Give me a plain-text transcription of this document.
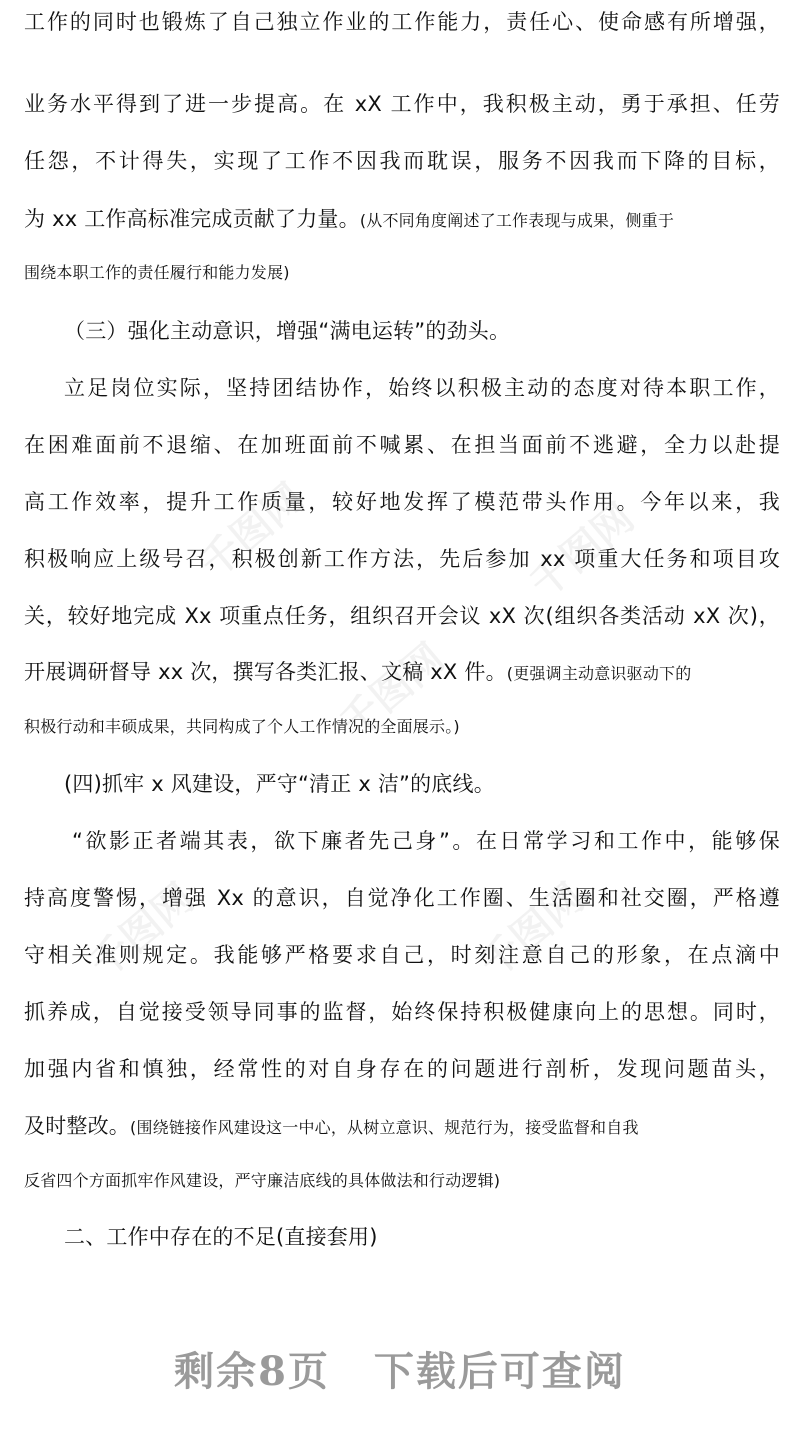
千图网	千图网
千图网
千图网	千图网
工作的同时也锻炼了自己独立作业的工作能力，责任心、使命感有所增强，
业务水平得到了进一步提高。在 xX 工作中，我积极主动，勇于承担、任劳
任怨，不计得失，实现了工作不因我而耽误，服务不因我而下降的目标，
为 xx 工作高标准完成贡献了力量。(从不同角度阐述了工作表现与成果，侧重于
围绕本职工作的责任履行和能力发展)
（三）强化主动意识，增强“满电运转”的劲头。
立足岗位实际，坚持团结协作，始终以积极主动的态度对待本职工作，
在困难面前不退缩、在加班面前不喊累、在担当面前不逃避，全力以赴提
高工作效率，提升工作质量，较好地发挥了模范带头作用。今年以来，我
积极响应上级号召，积极创新工作方法，先后参加 xx 项重大任务和项目攻
关，较好地完成 Xx 项重点任务，组织召开会议 xX 次(组织各类活动 xX 次)，
开展调研督导 xx 次，撰写各类汇报、文稿 xX 件。(更强调主动意识驱动下的
积极行动和丰硕成果，共同构成了个人工作情况的全面展示。)
(四)抓牢 x 风建设，严守“清正 x 洁”的底线。
“欲影正者端其表，欲下廉者先己身”。在日常学习和工作中，能够保
持高度警惕，增强 Xx 的意识，自觉净化工作圈、生活圈和社交圈，严格遵
守相关准则规定。我能够严格要求自己，时刻注意自己的形象，在点滴中
抓养成，自觉接受领导同事的监督，始终保持积极健康向上的思想。同时，
加强内省和慎独，经常性的对自身存在的问题进行剖析，发现问题苗头，
及时整改。(围绕链接作风建设这一中心，从树立意识、规范行为，接受监督和自我
反省四个方面抓牢作风建设，严守廉洁底线的具体做法和行动逻辑)
二、工作中存在的不足(直接套用)
剩余8页 下载后可查阅
